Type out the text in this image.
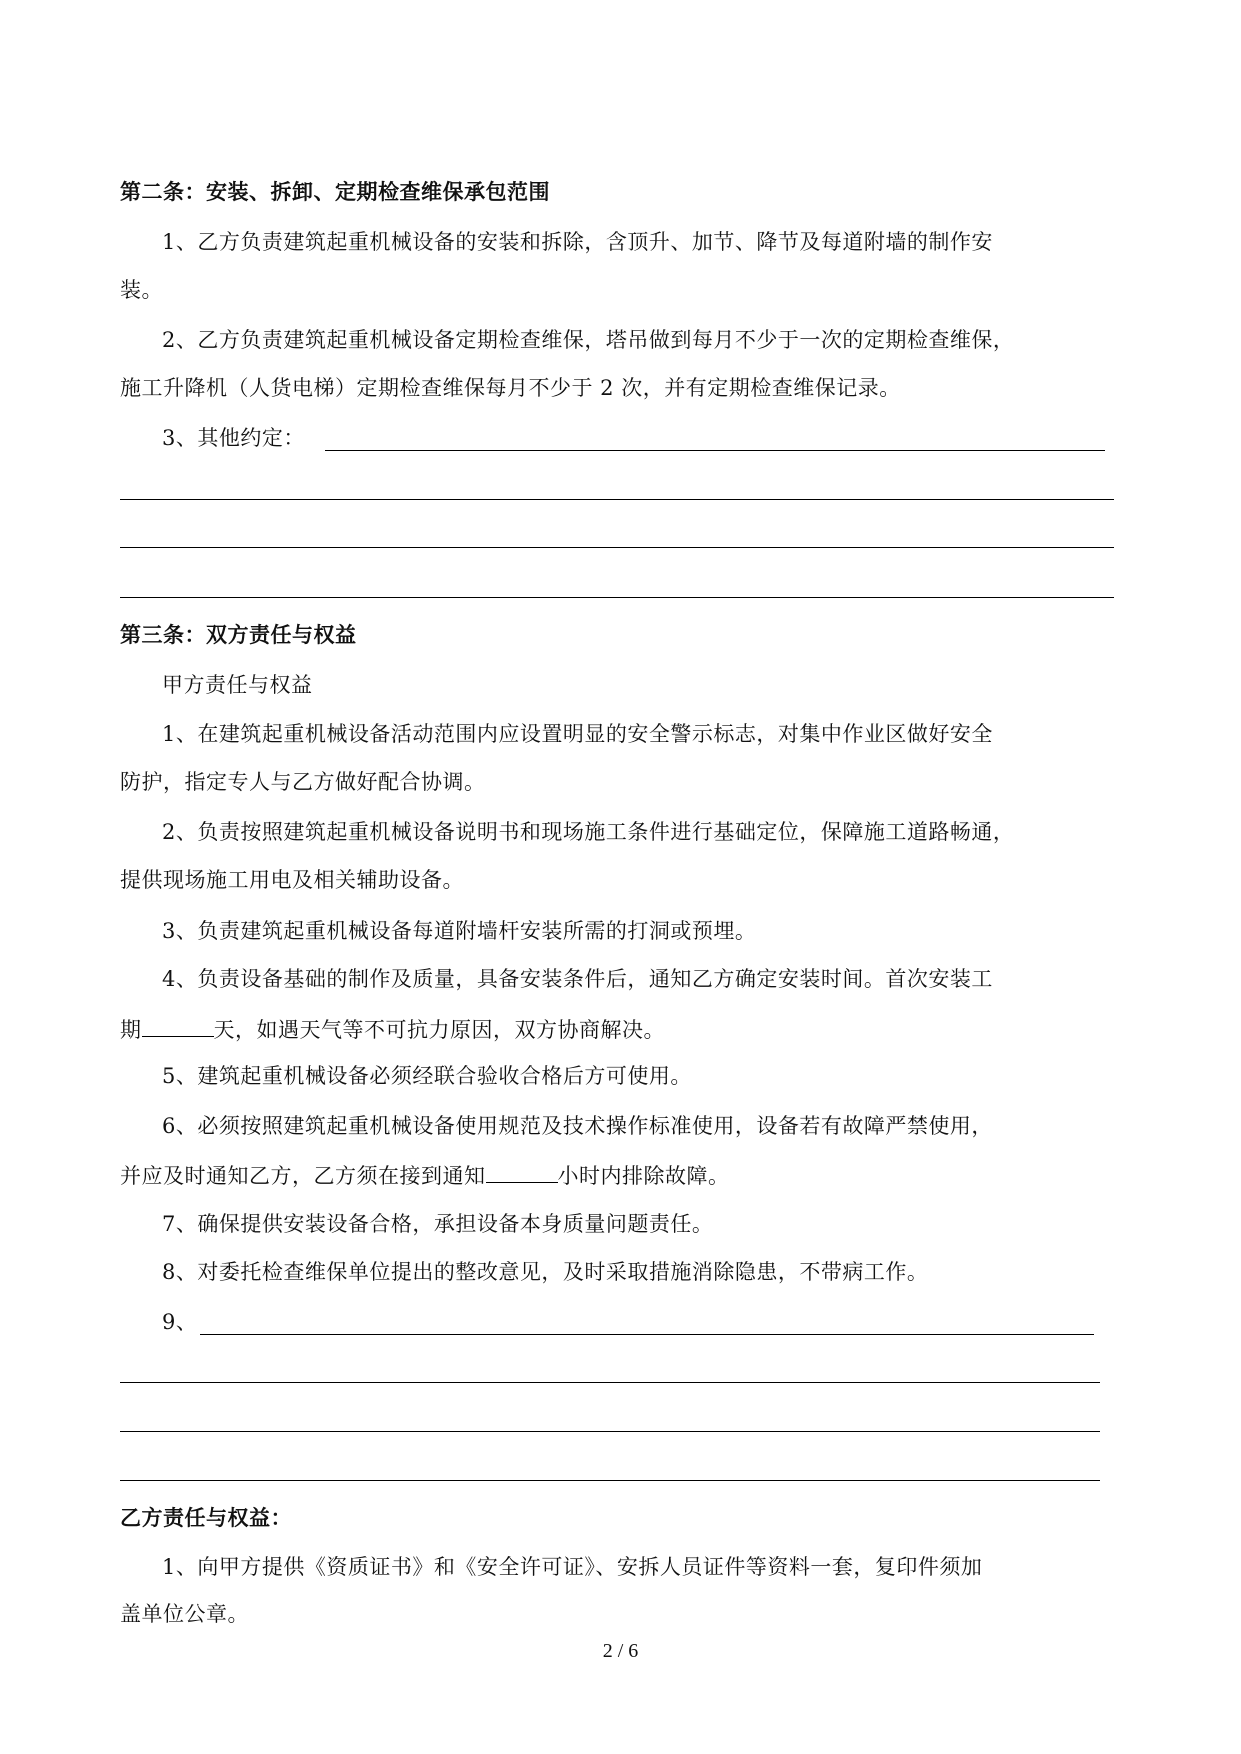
第二条：安装、拆卸、定期检查维保承包范围
1、乙方负责建筑起重机械设备的安装和拆除，含顶升、加节、降节及每道附墙的制作安
装。
2、乙方负责建筑起重机械设备定期检查维保，塔吊做到每月不少于一次的定期检查维保，
施工升降机（人货电梯）定期检查维保每月不少于 2 次，并有定期检查维保记录。
3、其他约定：
第三条：双方责任与权益
甲方责任与权益
1、在建筑起重机械设备活动范围内应设置明显的安全警示标志，对集中作业区做好安全
防护，指定专人与乙方做好配合协调。
2、负责按照建筑起重机械设备说明书和现场施工条件进行基础定位，保障施工道路畅通，
提供现场施工用电及相关辅助设备。
3、负责建筑起重机械设备每道附墙杆安装所需的打洞或预埋。
4、负责设备基础的制作及质量，具备安装条件后，通知乙方确定安装时间。首次安装工
期	天，如遇天气等不可抗力原因，双方协商解决。
5、建筑起重机械设备必须经联合验收合格后方可使用。
6、必须按照建筑起重机械设备使用规范及技术操作标准使用，设备若有故障严禁使用，
并应及时通知乙方，乙方须在接到通知	小时内排除故障。
7、确保提供安装设备合格，承担设备本身质量问题责任。
8、对委托检查维保单位提出的整改意见，及时采取措施消除隐患，不带病工作。
9、
乙方责任与权益：
1、向甲方提供《资质证书》和《安全许可证》、安拆人员证件等资料一套，复印件须加
盖单位公章。
2 / 6
